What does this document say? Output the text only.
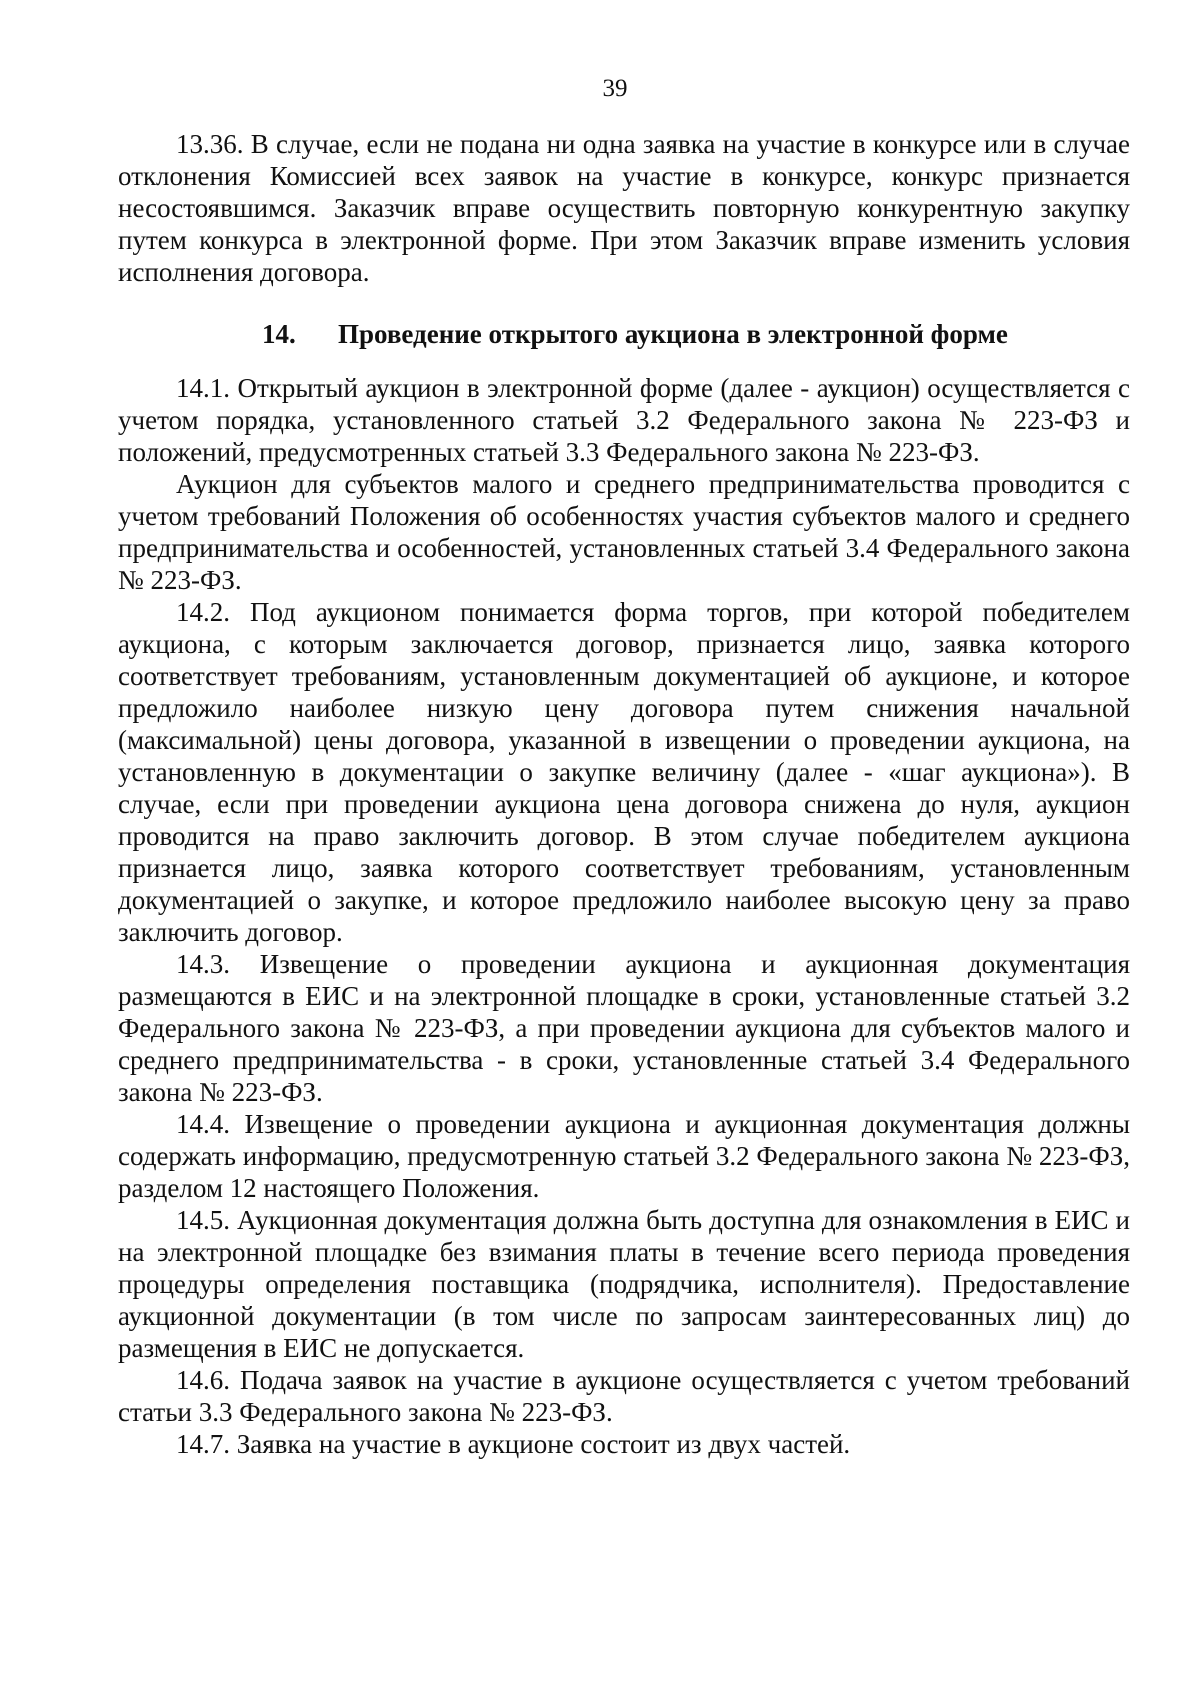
39

13.36. В случае, если не подана ни одна заявка на участие в конкурсе или в случае отклонения Комиссией всех заявок на участие в конкурсе, конкурс признается несостоявшимся. Заказчик вправе осуществить повторную конкурентную закупку путем конкурса в электронной форме. При этом Заказчик вправе изменить условия исполнения договора.

14. Проведение открытого аукциона в электронной форме

14.1. Открытый аукцион в электронной форме (далее - аукцион) осуществляется с учетом порядка, установленного статьей 3.2 Федерального закона № 223-ФЗ и положений, предусмотренных статьей 3.3 Федерального закона № 223-ФЗ.

Аукцион для субъектов малого и среднего предпринимательства проводится с учетом требований Положения об особенностях участия субъектов малого и среднего предпринимательства и особенностей, установленных статьей 3.4 Федерального закона № 223-ФЗ.

14.2. Под аукционом понимается форма торгов, при которой победителем аукциона, с которым заключается договор, признается лицо, заявка которого соответствует требованиям, установленным документацией об аукционе, и которое предложило наиболее низкую цену договора путем снижения начальной (максимальной) цены договора, указанной в извещении о проведении аукциона, на установленную в документации о закупке величину (далее - «шаг аукциона»). В случае, если при проведении аукциона цена договора снижена до нуля, аукцион проводится на право заключить договор. В этом случае победителем аукциона признается лицо, заявка которого соответствует требованиям, установленным документацией о закупке, и которое предложило наиболее высокую цену за право заключить договор.

14.3. Извещение о проведении аукциона и аукционная документация размещаются в ЕИС и на электронной площадке в сроки, установленные статьей 3.2 Федерального закона № 223-ФЗ, а при проведении аукциона для субъектов малого и среднего предпринимательства - в сроки, установленные статьей 3.4 Федерального закона № 223-ФЗ.

14.4. Извещение о проведении аукциона и аукционная документация должны содержать информацию, предусмотренную статьей 3.2 Федерального закона № 223-ФЗ, разделом 12 настоящего Положения.

14.5. Аукционная документация должна быть доступна для ознакомления в ЕИС и на электронной площадке без взимания платы в течение всего периода проведения процедуры определения поставщика (подрядчика, исполнителя). Предоставление аукционной документации (в том числе по запросам заинтересованных лиц) до размещения в ЕИС не допускается.

14.6. Подача заявок на участие в аукционе осуществляется с учетом требований статьи 3.3 Федерального закона № 223-ФЗ.

14.7. Заявка на участие в аукционе состоит из двух частей.
